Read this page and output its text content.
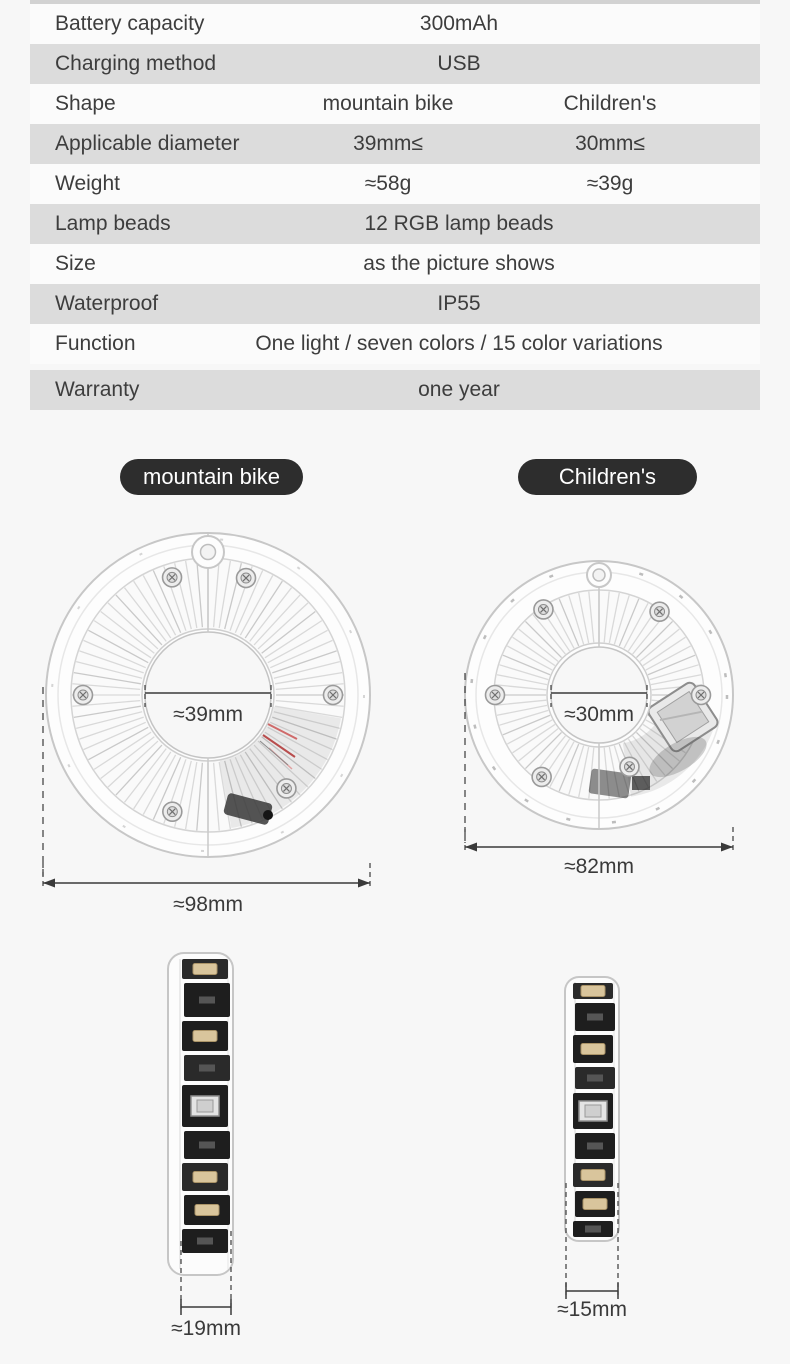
Battery capacity	300mAh
Charging method	USB
Shape	mountain bike	Children's
Applicable diameter	39mm≤	30mm≤
Weight	≈58g	≈39g
Lamp beads	12 RGB lamp beads
Size	as the picture shows
Waterproof	IP55
Function	One light / seven colors / 15 color variations
Warranty	one year
mountain bike	Children's
≈39mm
≈98mm
≈30mm
≈82mm
≈19mm
≈15mm
